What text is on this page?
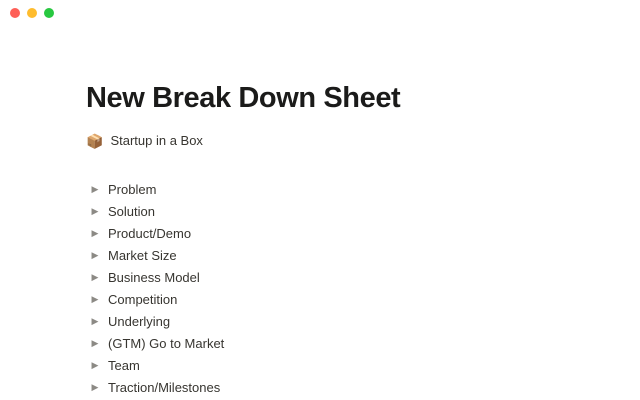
New Break Down Sheet
📦 Startup in a Box
▶ Problem
▶ Solution
▶ Product/Demo
▶ Market Size
▶ Business Model
▶ Competition
▶ Underlying
▶ (GTM) Go to Market
▶ Team
▶ Traction/Milestones
